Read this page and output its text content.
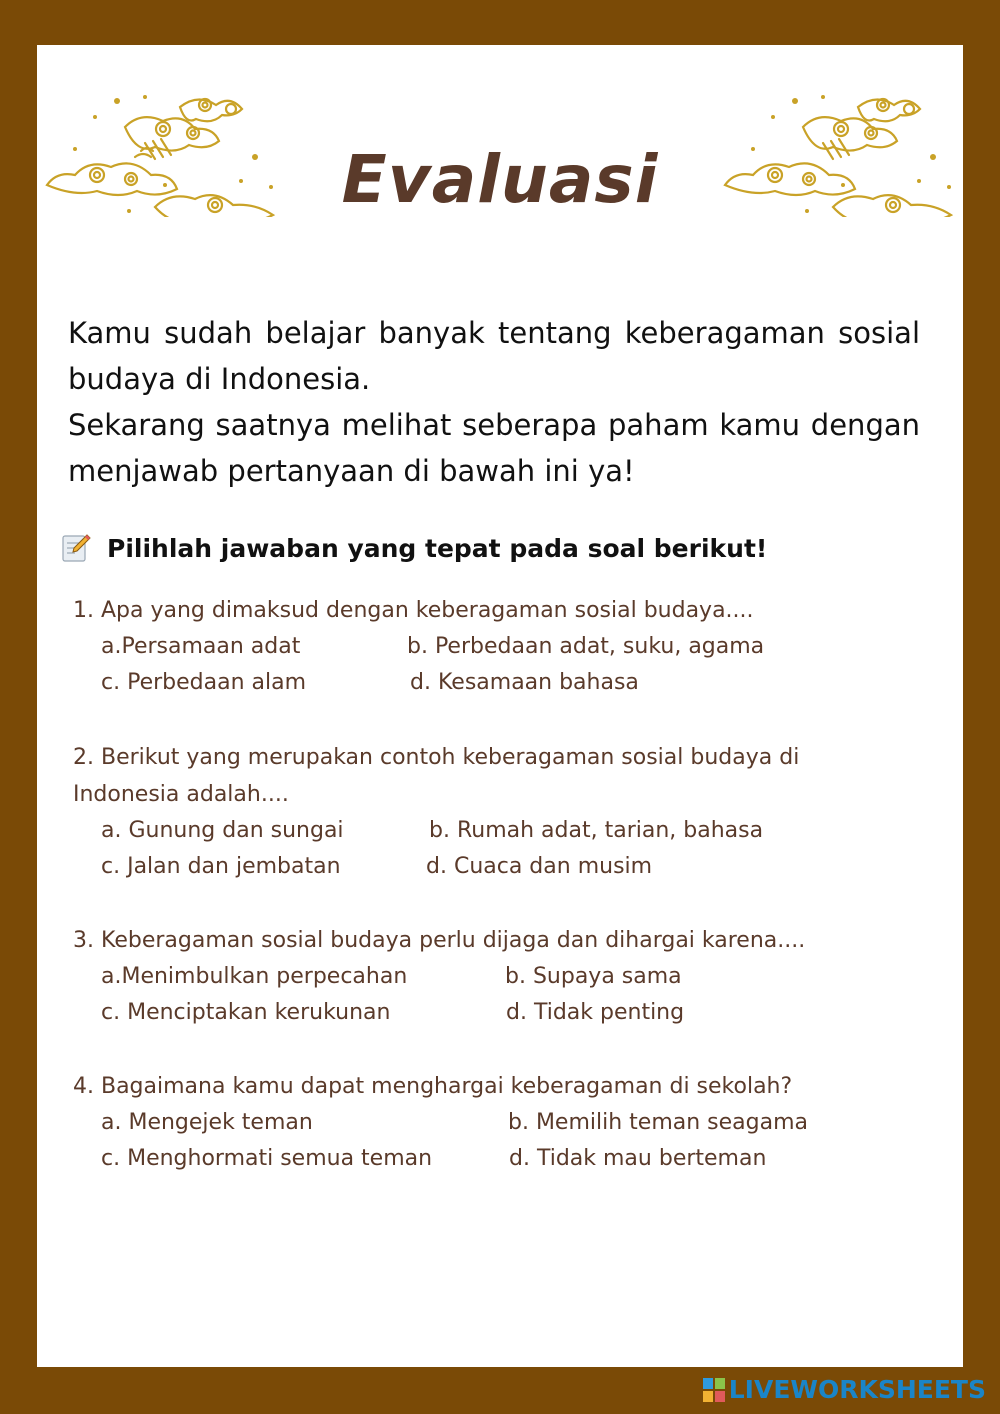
Evaluasi

Kamu sudah belajar banyak tentang keberagaman sosial budaya di Indonesia.

Sekarang saatnya melihat seberapa paham kamu dengan menjawab pertanyaan di bawah ini ya!

Pilihlah jawaban yang tepat pada soal berikut!

1. Apa yang dimaksud dengan keberagaman sosial budaya....

a.Persamaan adat	b. Perbedaan adat, suku, agama
c. Perbedaan alam	d. Kesamaan bahasa

2. Berikut yang merupakan contoh keberagaman sosial budaya di Indonesia adalah....

a. Gunung dan sungai	b. Rumah adat, tarian, bahasa
c. Jalan dan jembatan	d. Cuaca dan musim

3. Keberagaman sosial budaya perlu dijaga dan dihargai karena....

a.Menimbulkan perpecahan	b. Supaya sama
c. Menciptakan kerukunan	d. Tidak penting

4. Bagaimana kamu dapat menghargai keberagaman di sekolah?

a. Mengejek teman	b. Memilih teman seagama
c. Menghormati semua teman	d. Tidak mau berteman
LIVEWORKSHEETS
